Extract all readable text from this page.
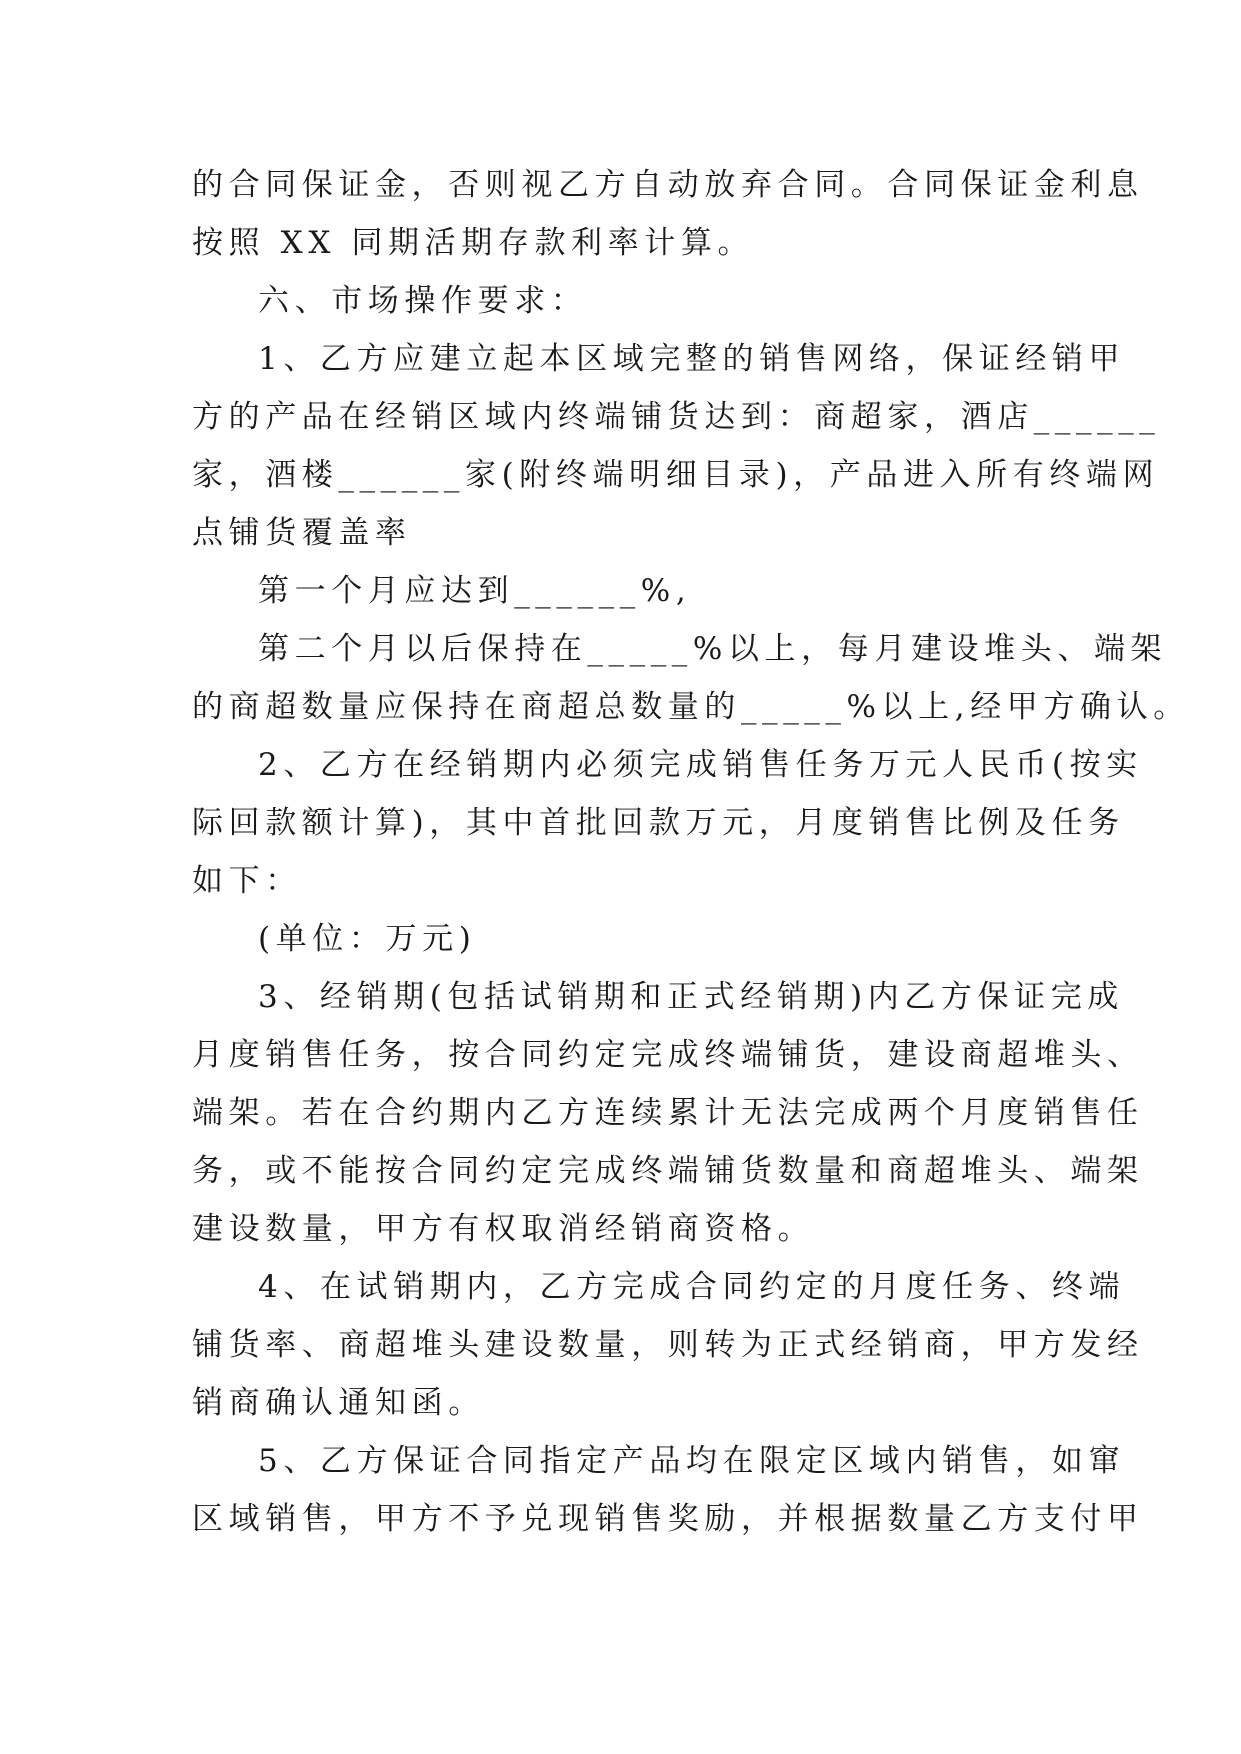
的合同保证金，否则视乙方自动放弃合同。合同保证金利息
按照 XX 同期活期存款利率计算。
六、市场操作要求：
1、乙方应建立起本区域完整的销售网络，保证经销甲
方的产品在经销区域内终端铺货达到：商超家，酒店______
家，酒楼______家(附终端明细目录)，产品进入所有终端网
点铺货覆盖率
第一个月应达到______%,
第二个月以后保持在_____%以上，每月建设堆头、端架
的商超数量应保持在商超总数量的_____%以上,经甲方确认。
2、乙方在经销期内必须完成销售任务万元人民币(按实
际回款额计算)，其中首批回款万元，月度销售比例及任务
如下：
(单位：万元)
3、经销期(包括试销期和正式经销期)内乙方保证完成
月度销售任务，按合同约定完成终端铺货，建设商超堆头、
端架。若在合约期内乙方连续累计无法完成两个月度销售任
务，或不能按合同约定完成终端铺货数量和商超堆头、端架
建设数量，甲方有权取消经销商资格。
4、在试销期内，乙方完成合同约定的月度任务、终端
铺货率、商超堆头建设数量，则转为正式经销商，甲方发经
销商确认通知函。
5、乙方保证合同指定产品均在限定区域内销售，如窜
区域销售，甲方不予兑现销售奖励，并根据数量乙方支付甲
